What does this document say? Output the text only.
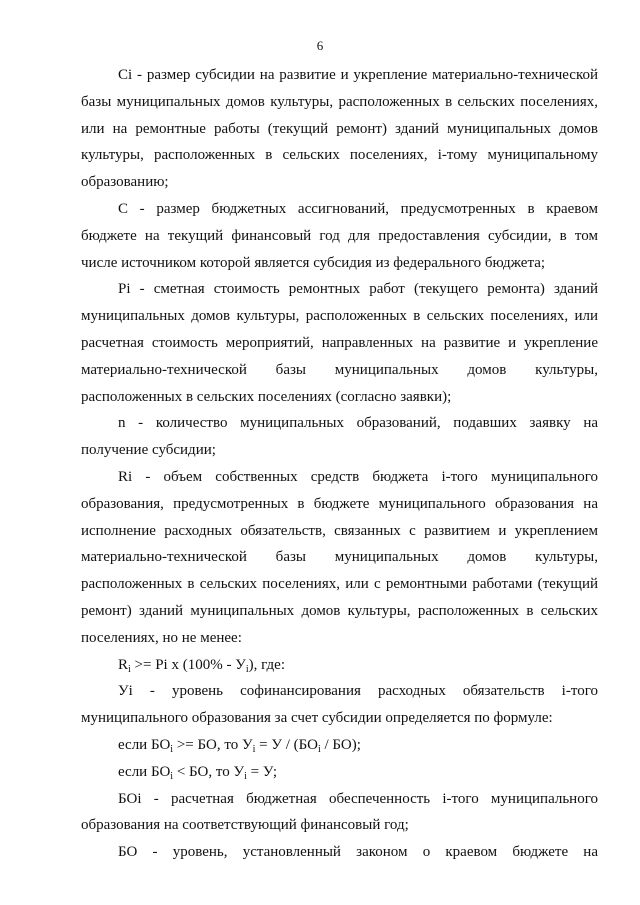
6

Ci - размер субсидии на развитие и укрепление материально-технической базы муниципальных домов культуры, расположенных в сельских поселениях, или на ремонтные работы (текущий ремонт) зданий муниципальных домов культуры, расположенных в сельских поселениях, i-тому муниципальному образованию;

С - размер бюджетных ассигнований, предусмотренных в краевом бюджете на текущий финансовый год для предоставления субсидии, в том числе источником которой является субсидия из федерального бюджета;

Pi - сметная стоимость ремонтных работ (текущего ремонта) зданий муниципальных домов культуры, расположенных в сельских поселениях, или расчетная стоимость мероприятий, направленных на развитие и укрепление материально-технической базы муниципальных домов культуры, расположенных в сельских поселениях (согласно заявки);

n - количество муниципальных образований, подавших заявку на получение субсидии;

Ri - объем собственных средств бюджета i-того муниципального образования, предусмотренных в бюджете муниципального образования на исполнение расходных обязательств, связанных с развитием и укреплением материально-технической базы муниципальных домов культуры, расположенных в сельских поселениях, или с ремонтными работами (текущий ремонт) зданий муниципальных домов культуры, расположенных в сельских поселениях, но не менее:

$R_i >= Pi$ x $(100\% - У_i)$, где:

Уi - уровень софинансирования расходных обязательств i-того муниципального образования за счет субсидии определяется по формуле:

если $БО_i$ >= БО, то $У_i = У / (БО_i / БО)$;

если $БО_i$ < БО, то $У_i = У$;

БОi - расчетная бюджетная обеспеченность i-того муниципального образования на соответствующий финансовый год;

БО - уровень, установленный законом о краевом бюджете на
